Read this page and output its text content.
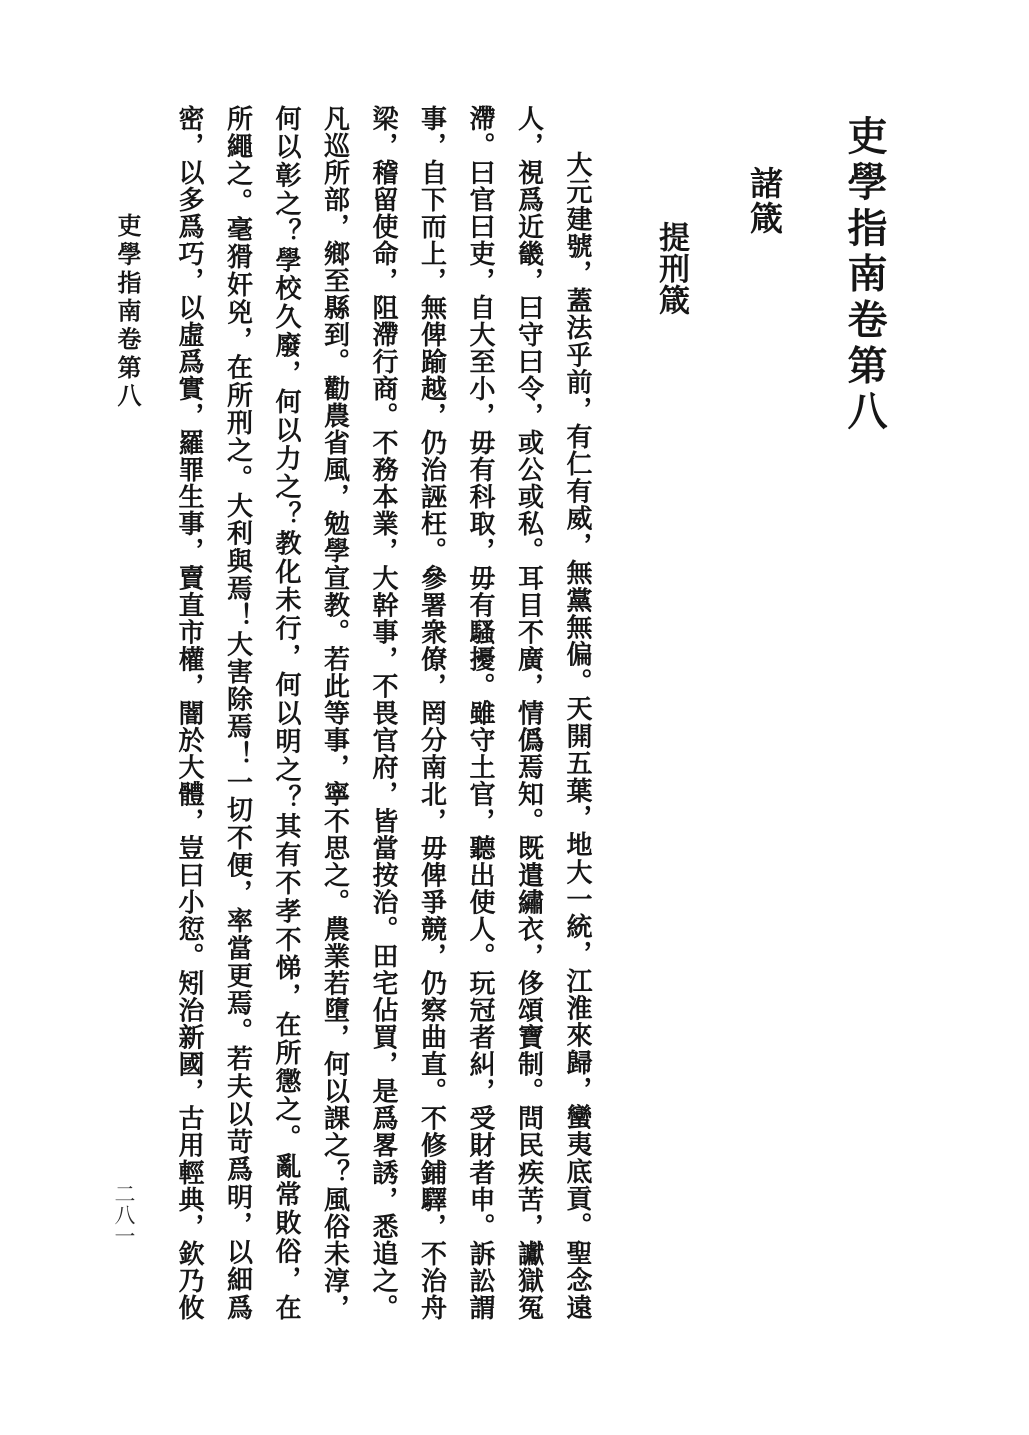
吏學指南卷第八
諸箴
提刑箴
大元建號，蓋法乎前，有仁有威，無黨無偏。天開五葉，地大一統，江淮來歸，蠻夷底貢。聖念遠
人，視爲近畿，曰守曰令，或公或私。耳目不廣，情僞焉知。既遣繡衣，侈頌寶制。問民疾苦，讞獄冤
滯。曰官曰吏，自大至小，毋有科取，毋有騷擾。雖守土官，聽出使人。玩冠者糾，受財者申。訴訟謂
事，自下而上，無俾踰越，仍治誣枉。參署衆僚，罔分南北，毋俾爭競，仍察曲直。不修鋪驛，不治舟
梁，稽留使命，阻滯行商。不務本業，大幹事，不畏官府，皆當按治。田宅佔買，是爲畧誘，悉追之。
凡巡所部，鄉至縣到。勸農省風，勉學宣教。若此等事，寧不思之。農業若墮，何以課之？風俗未淳，
何以彰之？學校久廢，何以力之？教化未行，何以明之？其有不孝不悌，在所懲之。亂常敗俗，在
所繩之。毫猾奸兇，在所刑之。大利與焉！大害除焉！一切不便，率當更焉。若夫以苛爲明，以細爲
密，以多爲巧，以虛爲實，羅罪生事，賣直市權，闇於大體，豈曰小愆。矧治新國，古用輕典，欽乃攸
吏學指南卷第八
二八一
